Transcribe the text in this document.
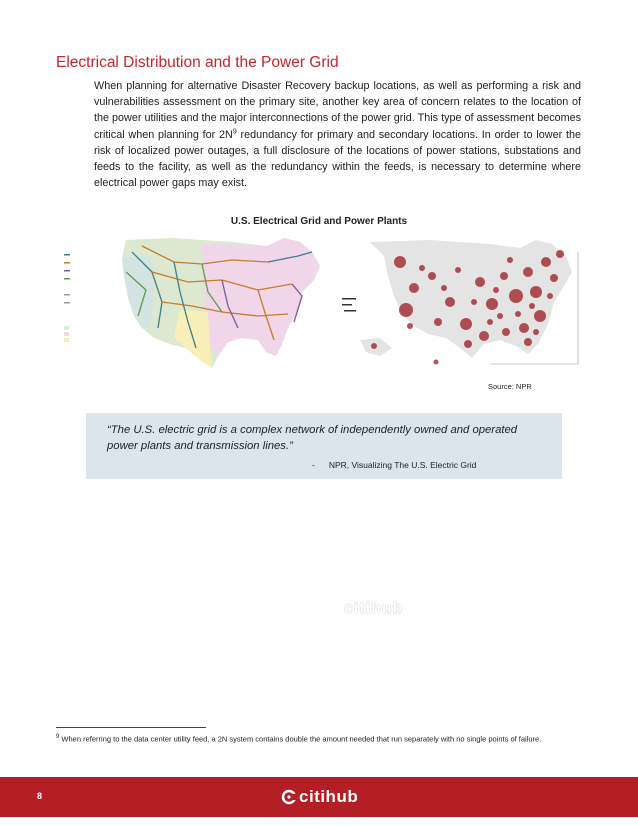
Electrical Distribution and the Power Grid
When planning for alternative Disaster Recovery backup locations, as well as performing a risk and vulnerabilities assessment on the primary site, another key area of concern relates to the location of the power utilities and the major interconnections of the power grid. This type of assessment becomes critical when planning for $2N^9$ redundancy for primary and secondary locations. In order to lower the risk of localized power outages, a full disclosure of the locations of power stations, substations and feeds to the facility, as well as the redundancy within the feeds, is necessary to determine where electrical power gaps may exist.
U.S. Electrical Grid and Power Plants
Source: NPR
“The U.S. electric grid is a complex network of independently owned and operated power plants and transmission lines.”
- NPR, Visualizing The U.S. Electric Grid
citihub
$^9$ When referring to the data center utility feed, a 2N system contains double the amount needed that run separately with no single points of failure.
8	citihub
